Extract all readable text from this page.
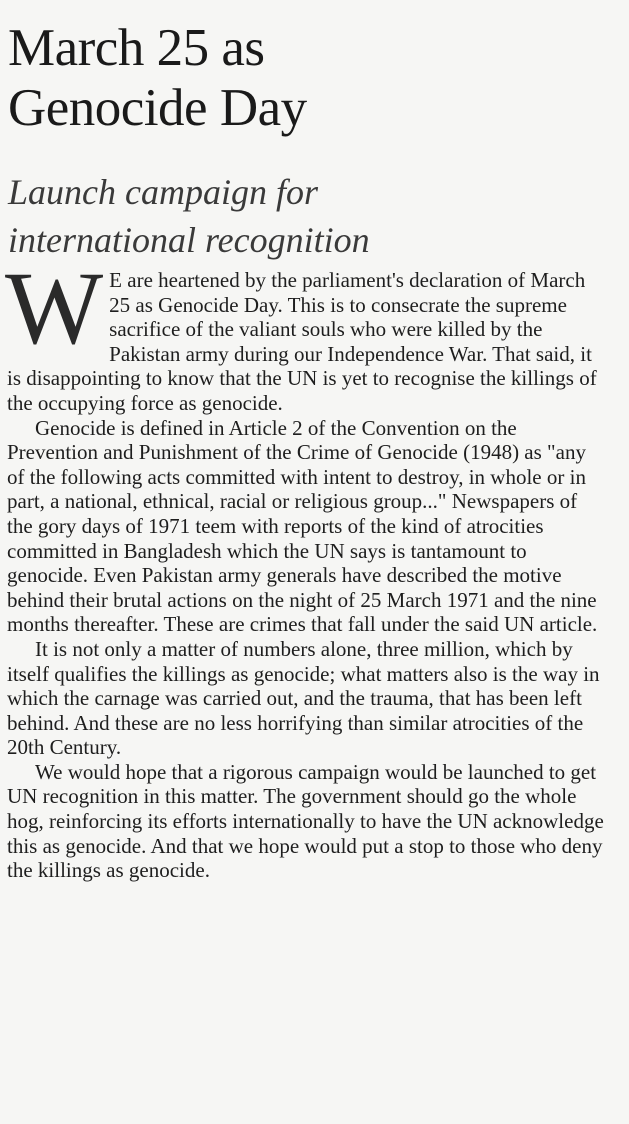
March 25 as
Genocide Day
Launch campaign for
international recognition

W E are heartened by the parliament's declaration of March 25 as Genocide Day. This is to consecrate the supreme sacrifice of the valiant souls who were killed by the Pakistan army during our Independence War. That said, it is disappointing to know that the UN is yet to recognise the killings of the occupying force as genocide.

Genocide is defined in Article 2 of the Convention on the Prevention and Punishment of the Crime of Genocide (1948) as "any of the following acts committed with intent to destroy, in whole or in part, a national, ethnical, racial or religious group..." Newspapers of the gory days of 1971 teem with reports of the kind of atrocities committed in Bangladesh which the UN says is tantamount to genocide. Even Pakistan army generals have described the motive behind their brutal actions on the night of 25 March 1971 and the nine months thereafter. These are crimes that fall under the said UN article.

It is not only a matter of numbers alone, three million, which by itself qualifies the killings as genocide; what matters also is the way in which the carnage was carried out, and the trauma, that has been left behind. And these are no less horrifying than similar atrocities of the 20th Century.

We would hope that a rigorous campaign would be launched to get UN recognition in this matter. The government should go the whole hog, reinforcing its efforts internationally to have the UN acknowledge this as genocide. And that we hope would put a stop to those who deny the killings as genocide.
